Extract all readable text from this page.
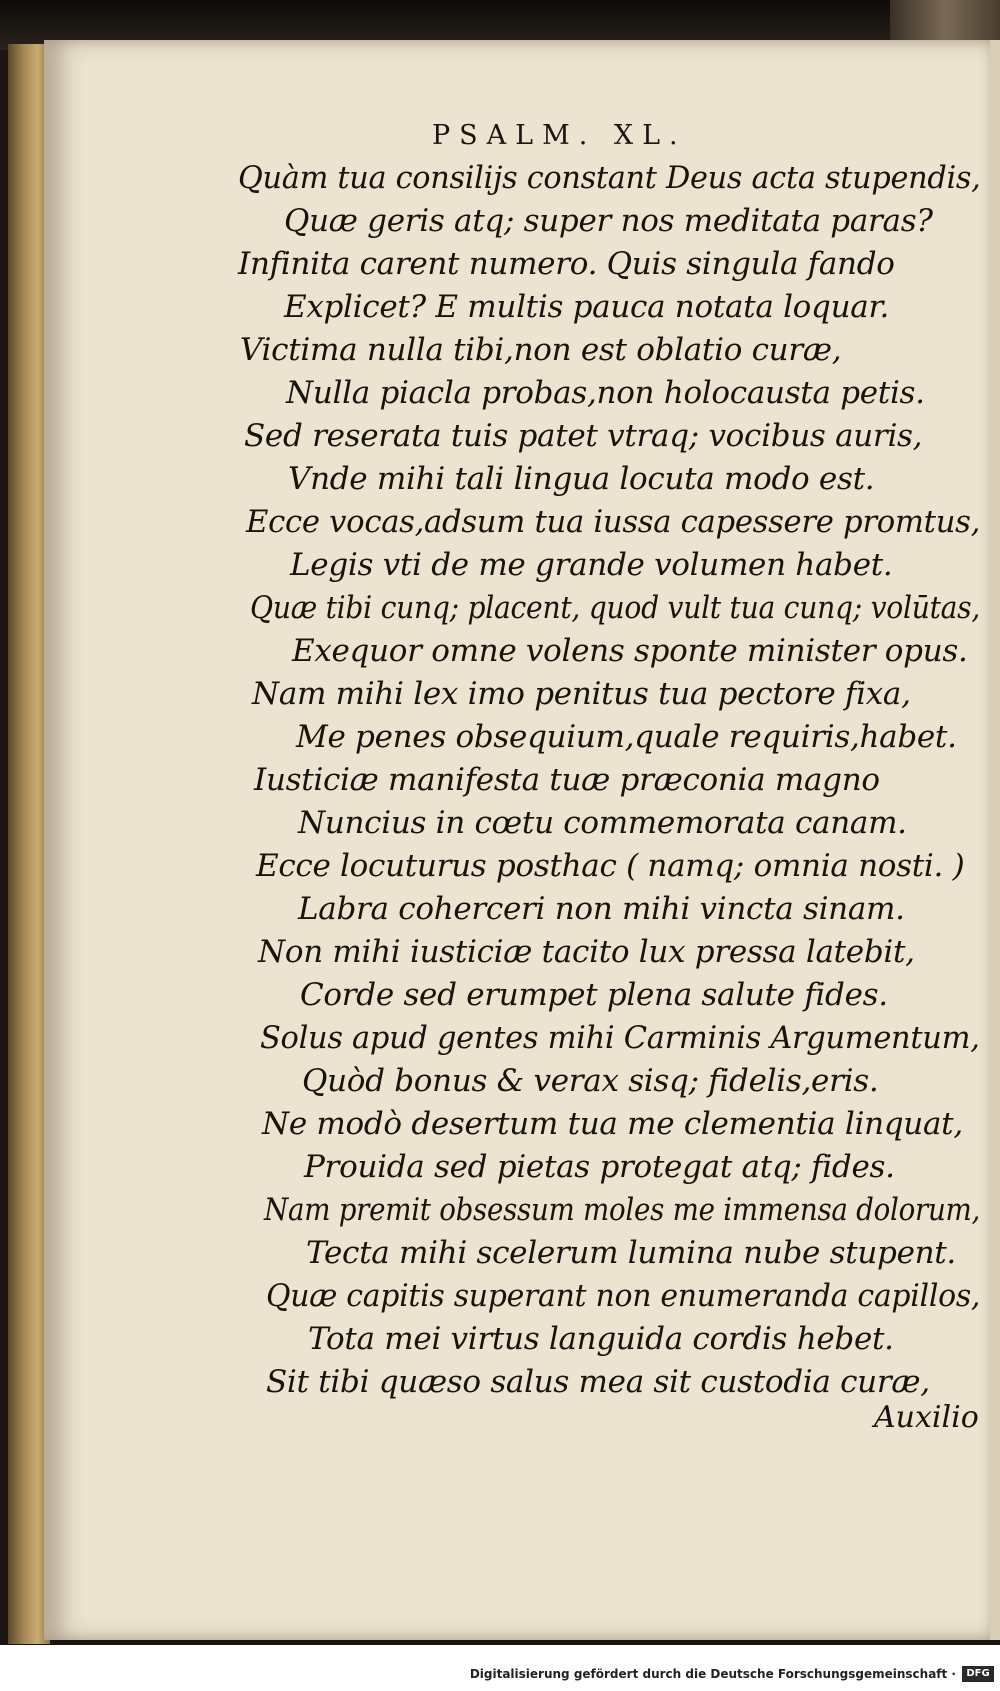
PSALM. XL.

Quàm tua consilijs constant Deus acta stupendis,

Quæ geris atq; super nos meditata paras?

Infinita carent numero. Quis singula fando

Explicet? E multis pauca notata loquar.

Victima nulla tibi,non est oblatio curæ,

Nulla piacla probas,non holocausta petis.

Sed reserata tuis patet vtraq; vocibus auris,

Vnde mihi tali lingua locuta modo est.

Ecce vocas,adsum tua iussa capessere promtus,

Legis vti de me grande volumen habet.

Quæ tibi cunq; placent, quod vult tua cunq; volūtas,

Exequor omne volens sponte minister opus.

Nam mihi lex imo penitus tua pectore fixa,

Me penes obsequium,quale requiris,habet.

Iusticiæ manifesta tuæ præconia magno

Nuncius in cœtu commemorata canam.

Ecce locuturus posthac ( namq; omnia nosti. )

Labra coherceri non mihi vincta sinam.

Non mihi iusticiæ tacito lux pressa latebit,

Corde sed erumpet plena salute fides.

Solus apud gentes mihi Carminis Argumentum,

Quòd bonus & verax sisq; fidelis,eris.

Ne modò desertum tua me clementia linquat,

Prouida sed pietas protegat atq; fides.

Nam premit obsessum moles me immensa dolorum,

Tecta mihi scelerum lumina nube stupent.

Quæ capitis superant non enumeranda capillos,

Tota mei virtus languida cordis hebet.

Sit tibi quæso salus mea sit custodia curæ,

Auxilio
Digitalisierung gefördert durch die Deutsche Forschungsgemeinschaft ·	DFG
